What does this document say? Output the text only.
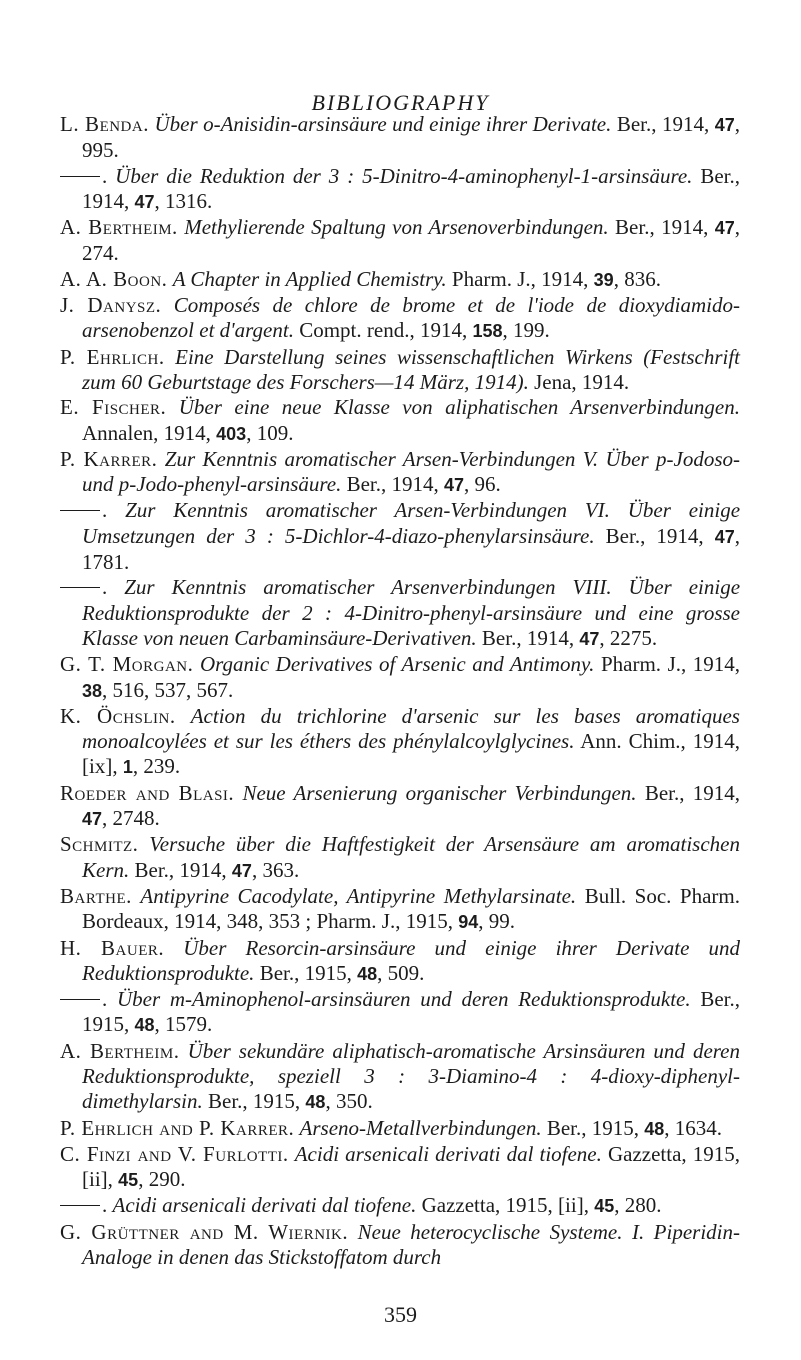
BIBLIOGRAPHY

L. Benda. Über o-Anisidin-arsinsäure und einige ihrer Derivate. Ber., 1914, 47, 995.

. Über die Reduktion der 3 : 5-Dinitro-4-aminophenyl-1-arsinsäure. Ber., 1914, 47, 1316.

A. Bertheim. Methylierende Spaltung von Arsenoverbindungen. Ber., 1914, 47, 274.

A. A. Boon. A Chapter in Applied Chemistry. Pharm. J., 1914, 39, 836.

J. Danysz. Composés de chlore de brome et de l'iode de dioxydiamido-arsenobenzol et d'argent. Compt. rend., 1914, 158, 199.

P. Ehrlich. Eine Darstellung seines wissenschaftlichen Wirkens (Festschrift zum 60 Geburtstage des Forschers—14 März, 1914). Jena, 1914.

E. Fischer. Über eine neue Klasse von aliphatischen Arsenverbindungen. Annalen, 1914, 403, 109.

P. Karrer. Zur Kenntnis aromatischer Arsen-Verbindungen V. Über p-Jodoso- und p-Jodo-phenyl-arsinsäure. Ber., 1914, 47, 96.

. Zur Kenntnis aromatischer Arsen-Verbindungen VI. Über einige Umsetzungen der 3 : 5-Dichlor-4-diazo-phenylarsinsäure. Ber., 1914, 47, 1781.

. Zur Kenntnis aromatischer Arsenverbindungen VIII. Über einige Reduktionsprodukte der 2 : 4-Dinitro-phenyl-arsinsäure und eine grosse Klasse von neuen Carbaminsäure-Derivativen. Ber., 1914, 47, 2275.

G. T. Morgan. Organic Derivatives of Arsenic and Antimony. Pharm. J., 1914, 38, 516, 537, 567.

K. Öchslin. Action du trichlorine d'arsenic sur les bases aromatiques monoalcoylées et sur les éthers des phénylalcoylglycines. Ann. Chim., 1914, [ix], 1, 239.

Roeder and Blasi. Neue Arsenierung organischer Verbindungen. Ber., 1914, 47, 2748.

Schmitz. Versuche über die Haftfestigkeit der Arsensäure am aromatischen Kern. Ber., 1914, 47, 363.

Barthe. Antipyrine Cacodylate, Antipyrine Methylarsinate. Bull. Soc. Pharm. Bordeaux, 1914, 348, 353 ; Pharm. J., 1915, 94, 99.

H. Bauer. Über Resorcin-arsinsäure und einige ihrer Derivate und Reduktionsprodukte. Ber., 1915, 48, 509.

. Über m-Aminophenol-arsinsäuren und deren Reduktionsprodukte. Ber., 1915, 48, 1579.

A. Bertheim. Über sekundäre aliphatisch-aromatische Arsinsäuren und deren Reduktionsprodukte, speziell 3 : 3-Diamino-4 : 4-dioxy-diphenyl-dimethylarsin. Ber., 1915, 48, 350.

P. Ehrlich and P. Karrer. Arseno-Metallverbindungen. Ber., 1915, 48, 1634.

C. Finzi and V. Furlotti. Acidi arsenicali derivati dal tiofene. Gazzetta, 1915, [ii], 45, 290.

. Acidi arsenicali derivati dal tiofene. Gazzetta, 1915, [ii], 45, 280.

G. Grüttner and M. Wiernik. Neue heterocyclische Systeme. I. Piperidin-Analoge in denen das Stickstoffatom durch

359
